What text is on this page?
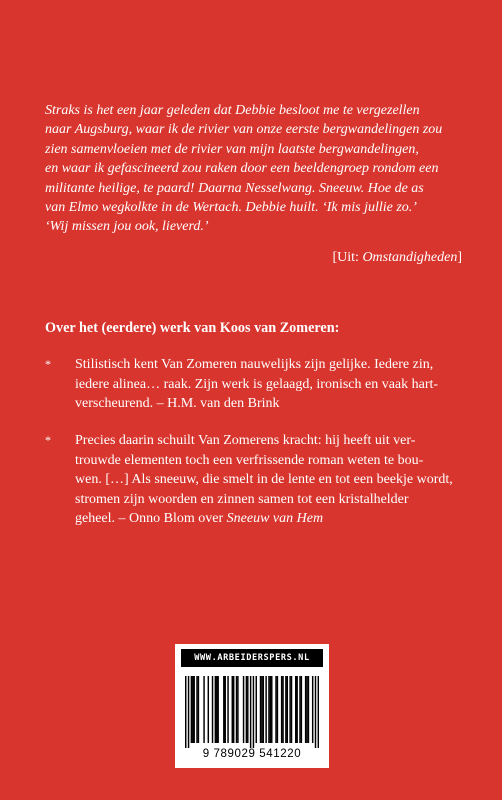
Straks is het een jaar geleden dat Debbie besloot me te vergezellen

naar Augsburg, waar ik de rivier van onze eerste bergwandelingen zou

zien samenvloeien met de rivier van mijn laatste bergwandelingen,

en waar ik gefascineerd zou raken door een beeldengroep rondom een

militante heilige, te paard! Daarna Nesselwang. Sneeuw. Hoe de as

van Elmo wegkolkte in de Wertach. Debbie huilt. ‘Ik mis jullie zo.’

‘Wij missen jou ook, lieverd.’

[Uit: Omstandigheden]
Over het (eerdere) werk van Koos van Zomeren:
* Stilistisch kent Van Zomeren nauwelijks zijn gelijke. Iedere zin,
iedere alinea… raak. Zijn werk is gelaagd, ironisch en vaak hart-
verscheurend. – H.M. van den Brink
* Precies daarin schuilt Van Zomerens kracht: hij heeft uit ver-
trouwde elementen toch een verfrissende roman weten te bou-
wen. […] Als sneeuw, die smelt in de lente en tot een beekje wordt,
stromen zijn woorden en zinnen samen tot een kristalhelder
geheel. – Onno Blom over Sneeuw van Hem
WWW.ARBEIDERSPERS.NL
9 789029 541220
